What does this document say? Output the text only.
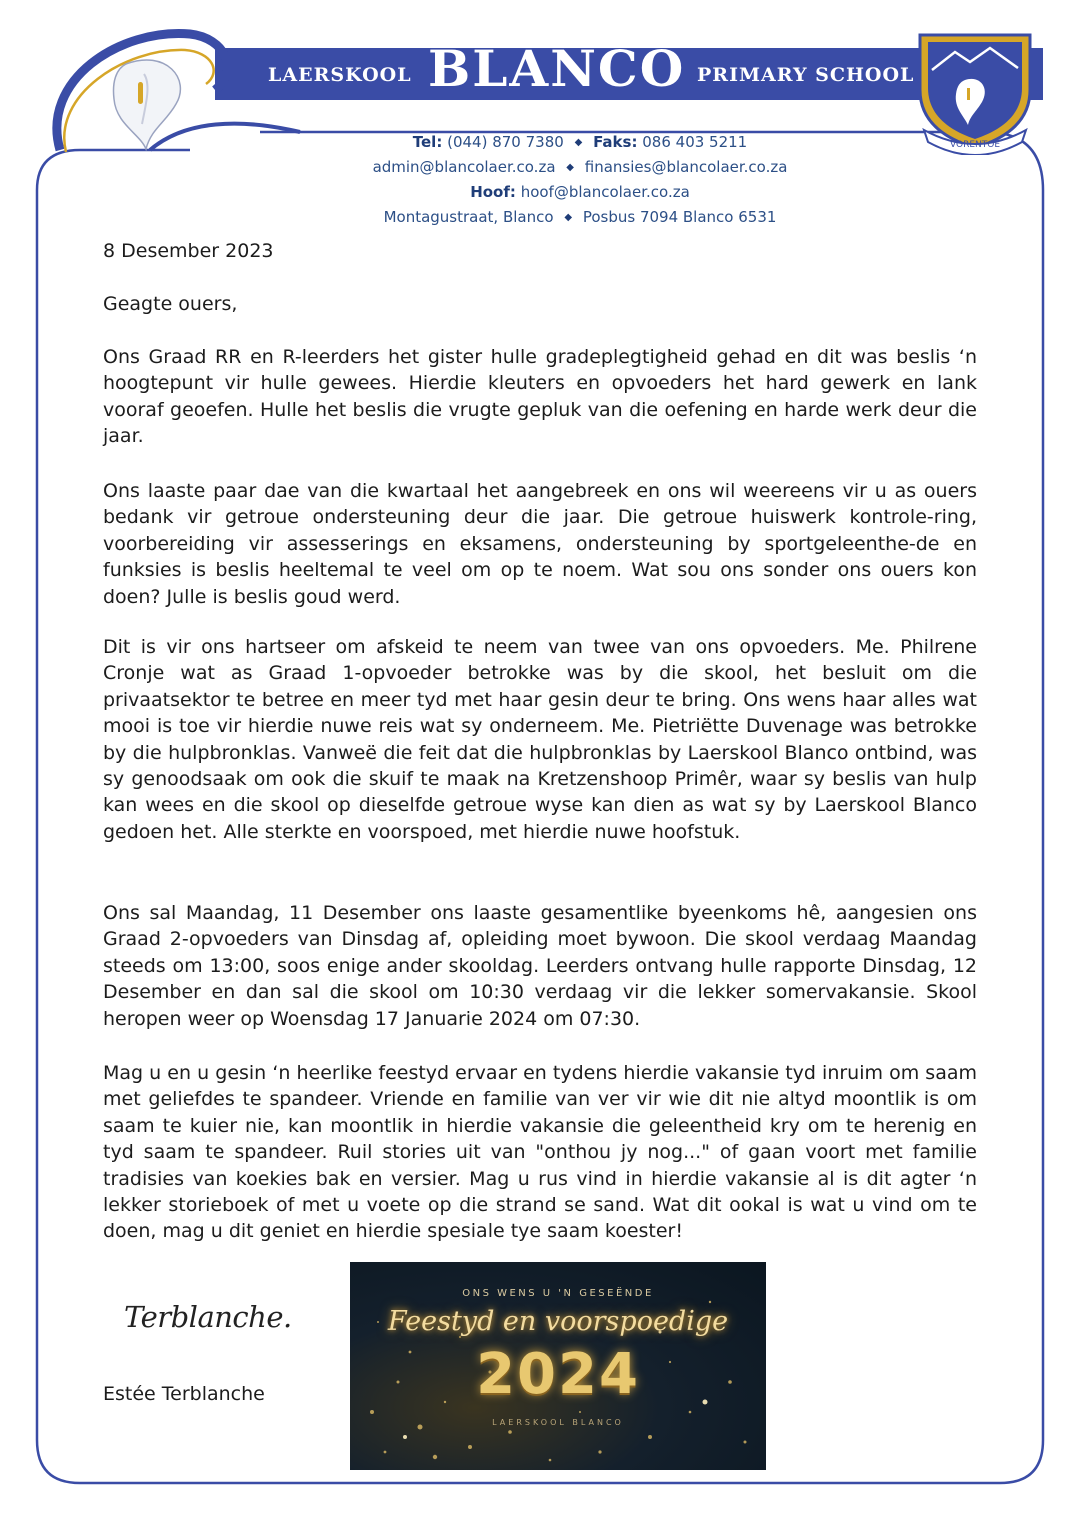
LAERSKOOL BLANCO PRIMARY SCHOOL
VORENTOE
Tel: (044) 870 7380 ◆ Faks: 086 403 5211
admin@blancolaer.co.za ◆ finansies@blancolaer.co.za
Hoof: hoof@blancolaer.co.za
Montagustraat, Blanco ◆ Posbus 7094 Blanco 6531
8 Desember 2023
Geagte ouers,
Ons Graad RR en R-leerders het gister hulle gradeplegtigheid gehad en dit was beslis ‘n hoogtepunt vir hulle gewees. Hierdie kleuters en opvoeders het hard gewerk en lank vooraf geoefen. Hulle het beslis die vrugte gepluk van die oefening en harde werk deur die jaar.
Ons laaste paar dae van die kwartaal het aangebreek en ons wil weereens vir u as ouers bedank vir getroue ondersteuning deur die jaar. Die getroue huiswerk kontrole-ring, voorbereiding vir assesserings en eksamens, ondersteuning by sportgeleenthe-de en funksies is beslis heeltemal te veel om op te noem. Wat sou ons sonder ons ouers kon doen? Julle is beslis goud werd.
Dit is vir ons hartseer om afskeid te neem van twee van ons opvoeders. Me. Philrene Cronje wat as Graad 1-opvoeder betrokke was by die skool, het besluit om die privaatsektor te betree en meer tyd met haar gesin deur te bring. Ons wens haar alles wat mooi is toe vir hierdie nuwe reis wat sy onderneem. Me. Pietriëtte Duvenage was betrokke by die hulpbronklas. Vanweë die feit dat die hulpbronklas by Laerskool Blanco ontbind, was sy genoodsaak om ook die skuif te maak na Kretzenshoop Primêr, waar sy beslis van hulp kan wees en die skool op dieselfde getroue wyse kan dien as wat sy by Laerskool Blanco gedoen het. Alle sterkte en voorspoed, met hierdie nuwe hoofstuk.
Ons sal Maandag, 11 Desember ons laaste gesamentlike byeenkoms hê, aangesien ons Graad 2-opvoeders van Dinsdag af, opleiding moet bywoon. Die skool verdaag Maandag steeds om 13:00, soos enige ander skooldag. Leerders ontvang hulle rapporte Dinsdag, 12 Desember en dan sal die skool om 10:30 verdaag vir die lekker somervakansie. Skool heropen weer op Woensdag 17 Januarie 2024 om 07:30.
Mag u en u gesin ‘n heerlike feestyd ervaar en tydens hierdie vakansie tyd inruim om saam met geliefdes te spandeer. Vriende en familie van ver vir wie dit nie altyd moontlik is om saam te kuier nie, kan moontlik in hierdie vakansie die geleentheid kry om te herenig en tyd saam te spandeer. Ruil stories uit van "onthou jy nog..." of gaan voort met familie tradisies van koekies bak en versier. Mag u rus vind in hierdie vakansie al is dit agter ‘n lekker storieboek of met u voete op die strand se sand. Wat dit ookal is wat u vind om te doen, mag u dit geniet en hierdie spesiale tye saam koester!
Terblanche.
Estée Terblanche
ONS WENS U 'N GESEËNDE
Feestyd en voorspoedige
2024
LAERSKOOL BLANCO
